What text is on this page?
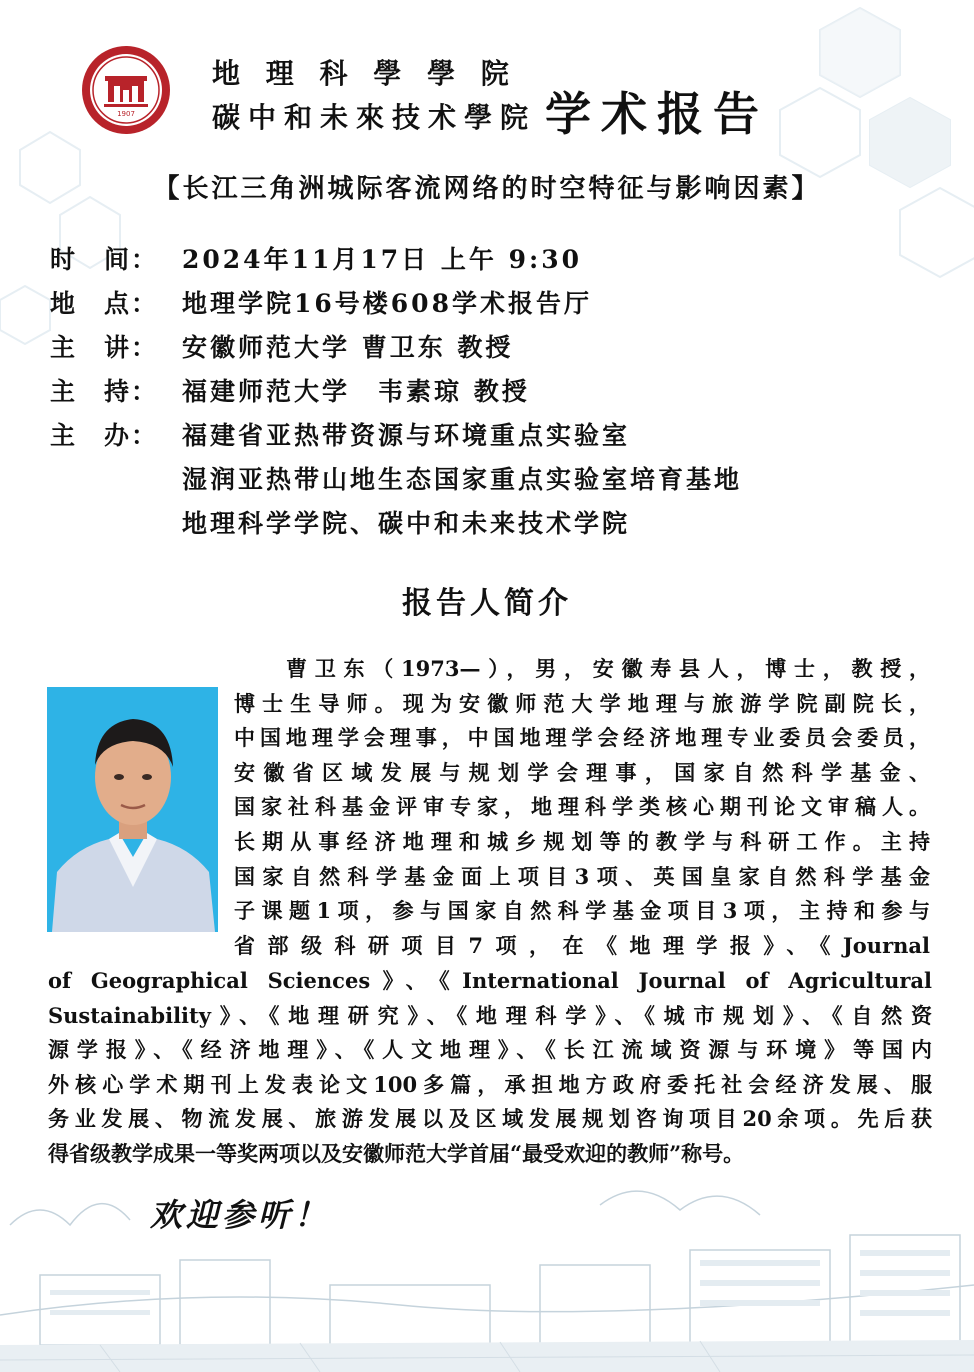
1907
地 理 科 學 學 院
碳中和未來技术學院 学术报告
【长江三角洲城际客流网络的时空特征与影响因素】
时　间： 2024年11月17日 上午 9:30
地　点： 地理学院16号楼608学术报告厅
主　讲： 安徽师范大学 曹卫东 教授
主　持： 福建师范大学　韦素琼 教授
主　办： 福建省亚热带资源与环境重点实验室
湿润亚热带山地生态国家重点实验室培育基地
地理科学学院、碳中和未来技术学院
报告人简介
曹卫东（1973—），男，安徽寿县人，博士，教授，
博士生导师。现为安徽师范大学地理与旅游学院副院长，
中国地理学会理事，中国地理学会经济地理专业委员会委员，
安徽省区域发展与规划学会理事，国家自然科学基金、
国家社科基金评审专家，地理科学类核心期刊论文审稿人。
长期从事经济地理和城乡规划等的教学与科研工作。主持
国家自然科学基金面上项目3项、英国皇家自然科学基金
子课题1项，参与国家自然科学基金项目3项，主持和参与
省部级科研项目7项，在《地理学报》、《Journal
of Geographical Sciences》、《International Journal of Agricultural
Sustainability》、《地理研究》、《地理科学》、《城市规划》、《自然资
源学报》、《经济地理》、《人文地理》、《长江流域资源与环境》等国内
外核心学术期刊上发表论文100多篇，承担地方政府委托社会经济发展、服
务业发展、物流发展、旅游发展以及区域发展规划咨询项目20余项。先后获
得省级教学成果一等奖两项以及安徽师范大学首届“最受欢迎的教师”称号。
欢迎参听！
